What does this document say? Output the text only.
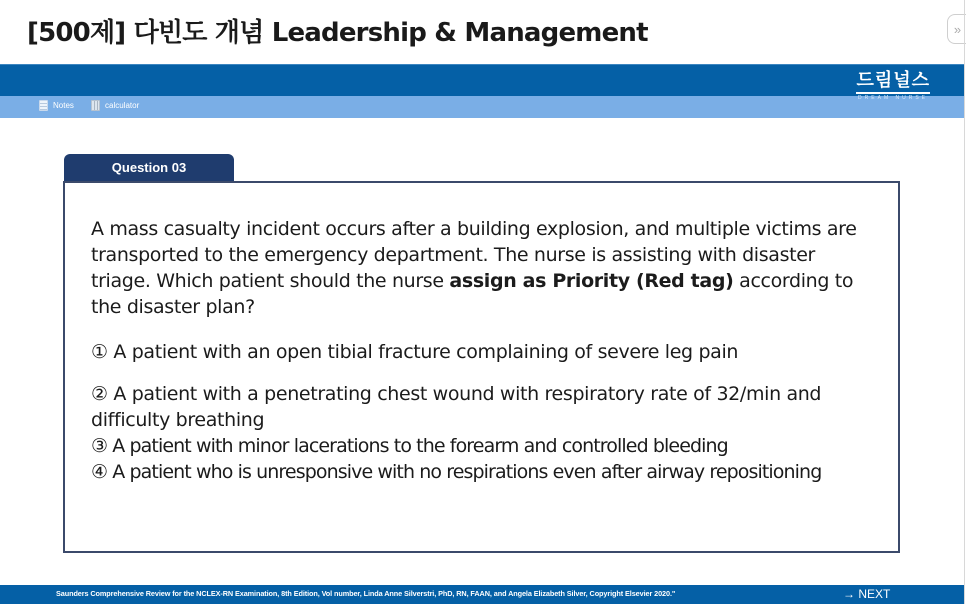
[500제] 다빈도 개념 Leadership & Management	»
드림널스
DREAM NURSE
Notes	calculator
Question 03
A mass casualty incident occurs after a building explosion, and multiple victims are transported to the emergency department. The nurse is assisting with disaster triage. Which patient should the nurse assign as Priority (Red tag) according to the disaster plan?
① A patient with an open tibial fracture complaining of severe leg pain
② A patient with a penetrating chest wound with respiratory rate of 32/min and difficulty breathing
③ A patient with minor lacerations to the forearm and controlled bleeding
④ A patient who is unresponsive with no respirations even after airway repositioning
Saunders Comprehensive Review for the NCLEX-RN Examination, 8th Edition, Vol number, Linda Anne Silverstri, PhD, RN, FAAN, and Angela Elizabeth Silver, Copyright Elsevier 2020."	→ NEXT
